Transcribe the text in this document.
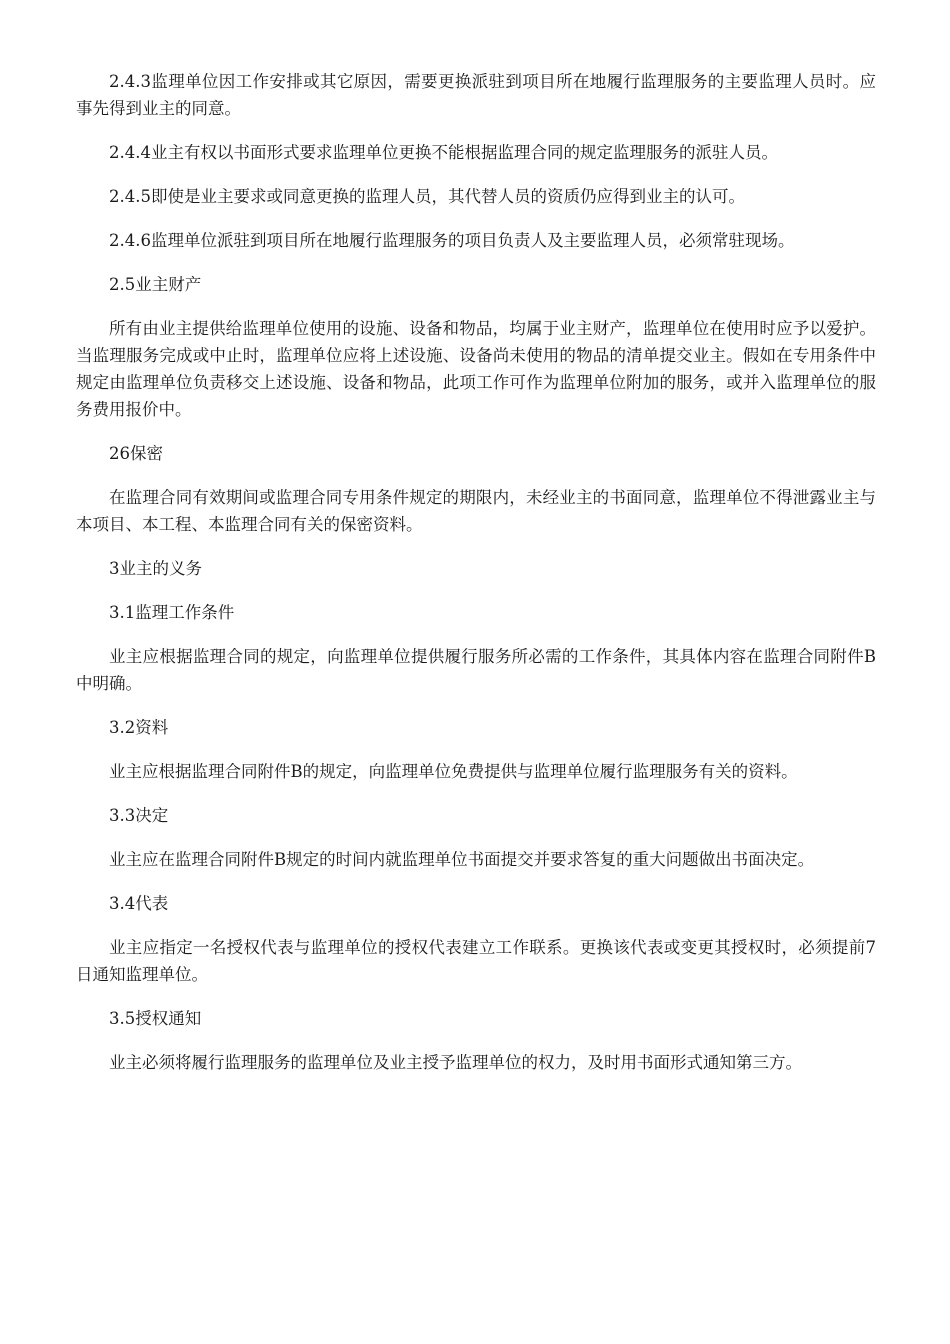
2.4.3监理单位因工作安排或其它原因，需要更换派驻到项目所在地履行监理服务的主要监理人员时。应事先得到业主的同意。

2.4.4业主有权以书面形式要求监理单位更换不能根据监理合同的规定监理服务的派驻人员。

2.4.5即使是业主要求或同意更换的监理人员，其代替人员的资质仍应得到业主的认可。

2.4.6监理单位派驻到项目所在地履行监理服务的项目负责人及主要监理人员，必须常驻现场。

2.5业主财产

所有由业主提供给监理单位使用的设施、设备和物品，均属于业主财产，监理单位在使用时应予以爱护。当监理服务完成或中止时，监理单位应将上述设施、设备尚未使用的物品的清单提交业主。假如在专用条件中规定由监理单位负责移交上述设施、设备和物品，此项工作可作为监理单位附加的服务，或并入监理单位的服务费用报价中。

26保密

在监理合同有效期间或监理合同专用条件规定的期限内，未经业主的书面同意，监理单位不得泄露业主与本项目、本工程、本监理合同有关的保密资料。

3业主的义务

3.1监理工作条件

业主应根据监理合同的规定，向监理单位提供履行服务所必需的工作条件，其具体内容在监理合同附件B中明确。

3.2资料

业主应根据监理合同附件B的规定，向监理单位免费提供与监理单位履行监理服务有关的资料。

3.3决定

业主应在监理合同附件B规定的时间内就监理单位书面提交并要求答复的重大问题做出书面决定。

3.4代表

业主应指定一名授权代表与监理单位的授权代表建立工作联系。更换该代表或变更其授权时，必须提前7日通知监理单位。

3.5授权通知

业主必须将履行监理服务的监理单位及业主授予监理单位的权力，及时用书面形式通知第三方。
